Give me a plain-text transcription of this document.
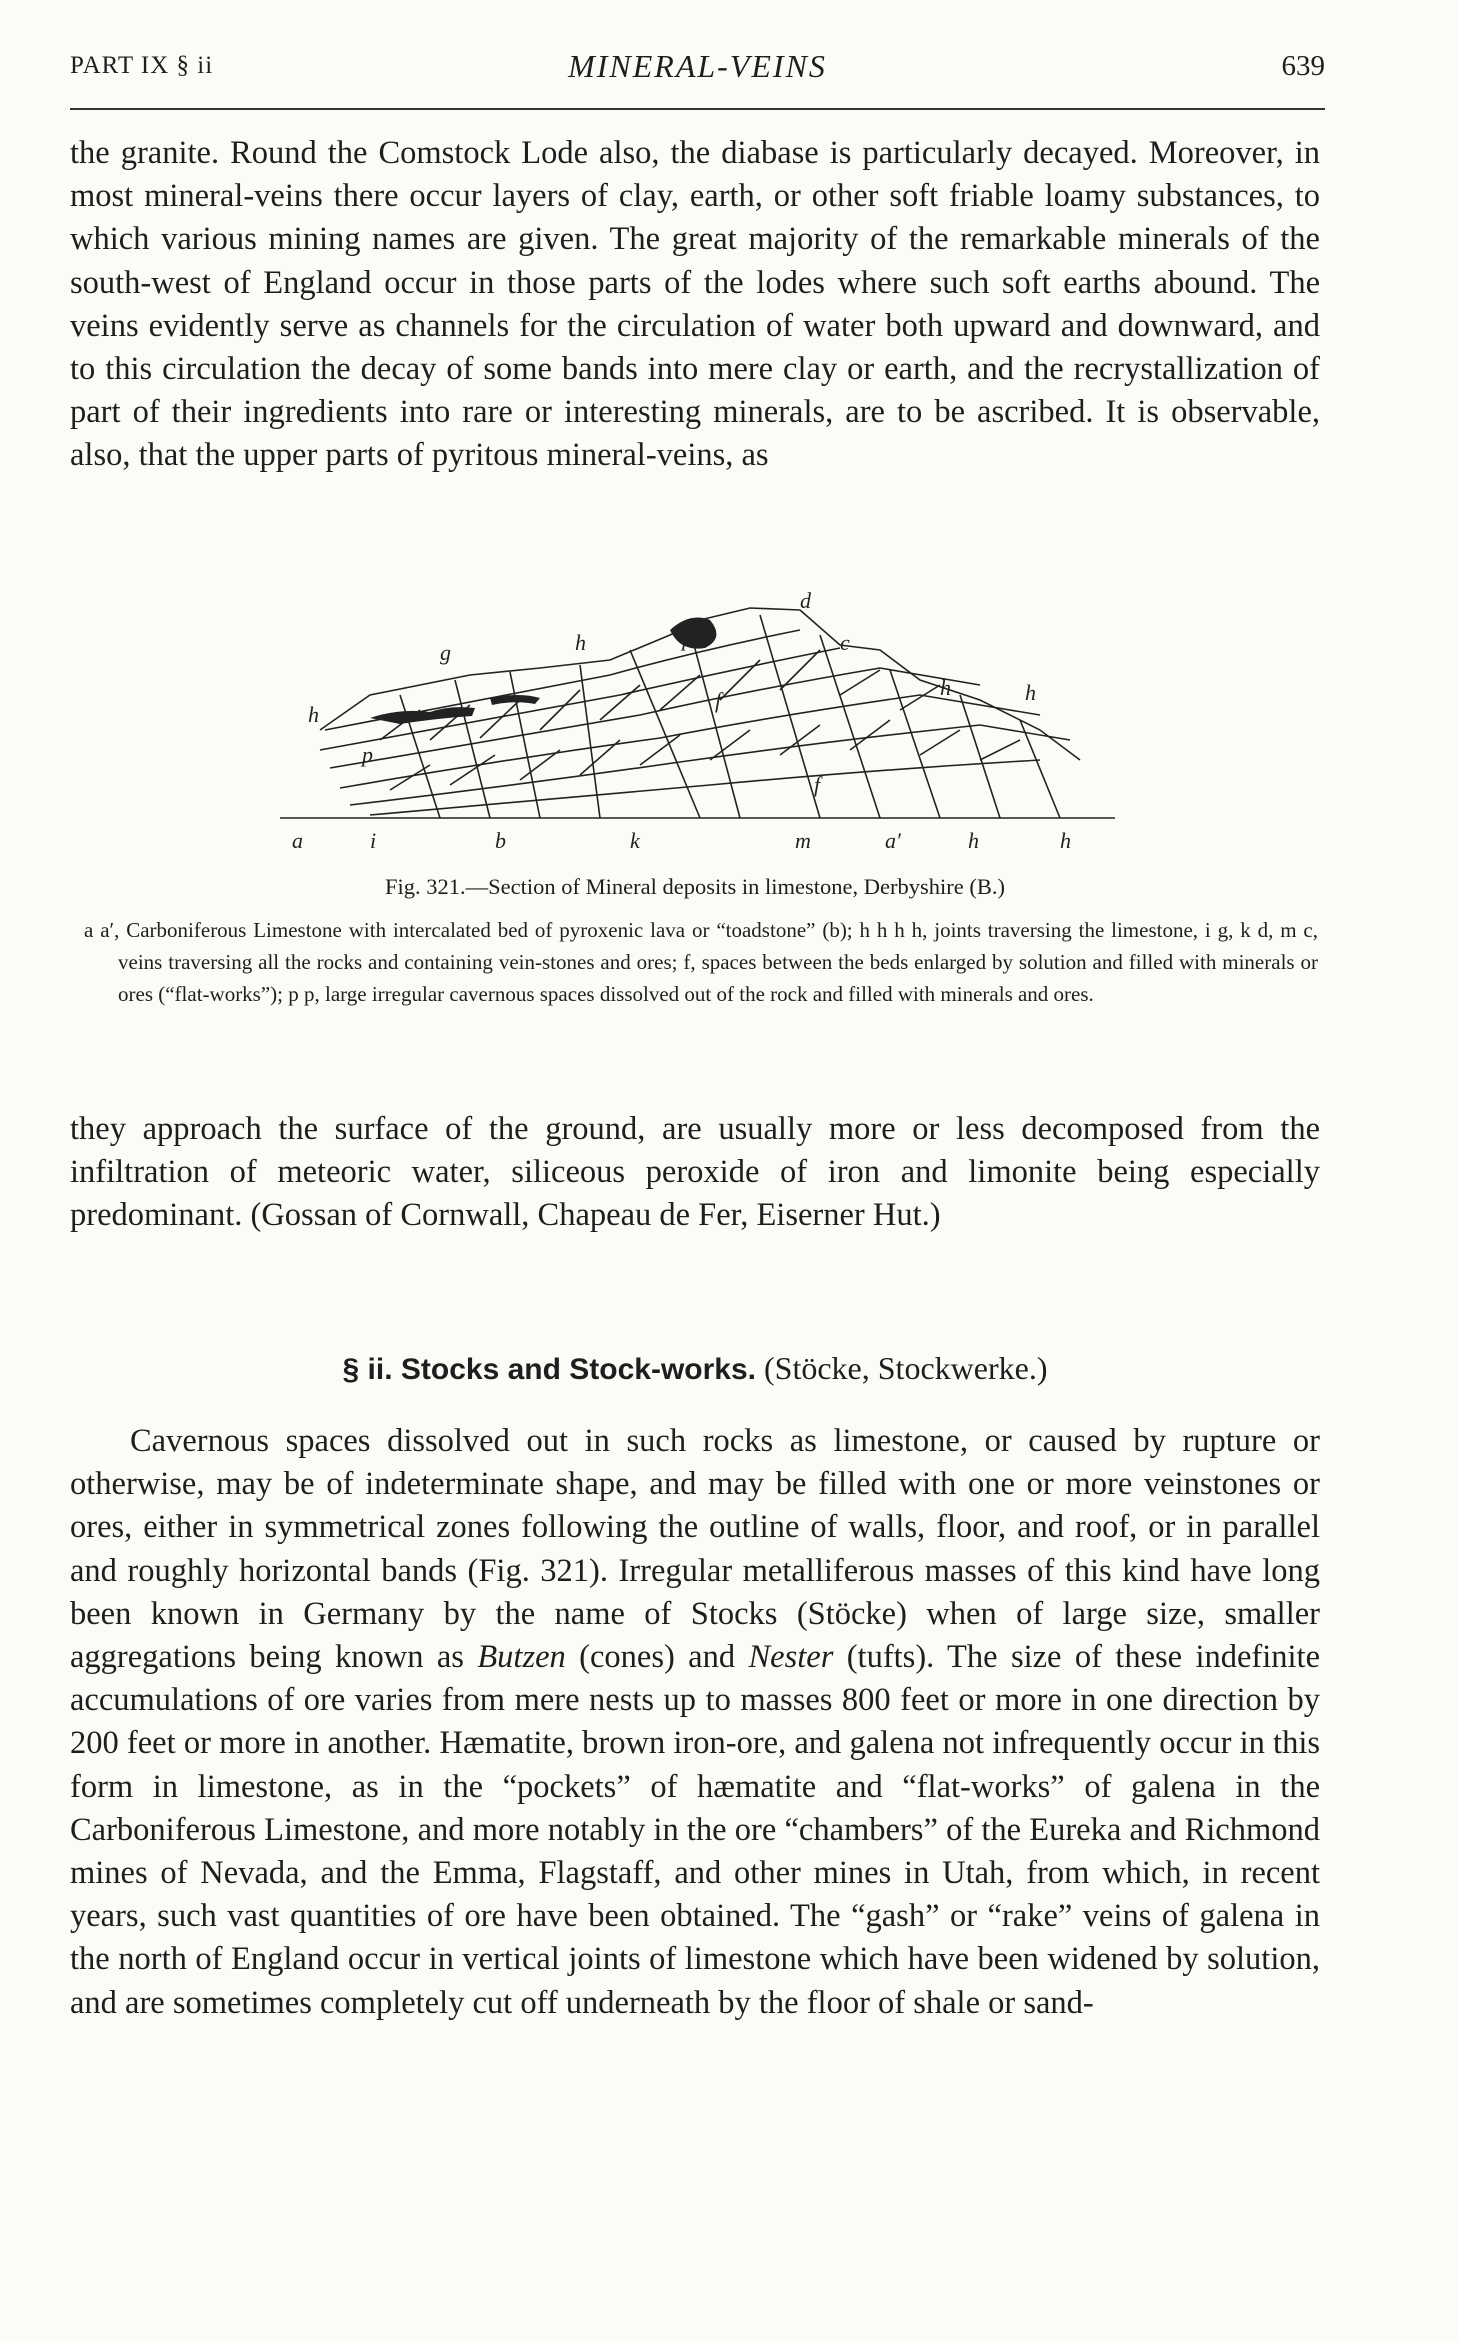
PART IX § ii	MINERAL-VEINS	639

the granite. Round the Comstock Lode also, the diabase is particularly decayed. Moreover, in most mineral-veins there occur layers of clay, earth, or other soft friable loamy substances, to which various mining names are given. The great majority of the remarkable minerals of the south-west of England occur in those parts of the lodes where such soft earths abound. The veins evidently serve as channels for the circulation of water both upward and downward, and to this circulation the decay of some bands into mere clay or earth, and the recrystallization of part of their ingredients into rare or interesting minerals, are to be ascribed. It is observable, also, that the upper parts of pyritous mineral-veins, as

d
g	h	p	c
h
f
h	h
p
f
a	i	b	k	m	a′	h	h
Fig. 321.—Section of Mineral deposits in limestone, Derbyshire (B.)

a a′, Carboniferous Limestone with intercalated bed of pyroxenic lava or “toadstone” (b); h h h h, joints traversing the limestone, i g, k d, m c, veins traversing all the rocks and containing vein-stones and ores; f, spaces between the beds enlarged by solution and filled with minerals or ores (“flat-works”); p p, large irregular cavernous spaces dissolved out of the rock and filled with minerals and ores.

they approach the surface of the ground, are usually more or less decomposed from the infiltration of meteoric water, siliceous peroxide of iron and limonite being especially predominant. (Gossan of Cornwall, Chapeau de Fer, Eiserner Hut.)

§ ii. Stocks and Stock-works. (Stöcke, Stockwerke.)

Cavernous spaces dissolved out in such rocks as limestone, or caused by rupture or otherwise, may be of indeterminate shape, and may be filled with one or more veinstones or ores, either in symmetrical zones following the outline of walls, floor, and roof, or in parallel and roughly horizontal bands (Fig. 321). Irregular metalliferous masses of this kind have long been known in Germany by the name of Stocks (Stöcke) when of large size, smaller aggregations being known as Butzen (cones) and Nester (tufts). The size of these indefinite accumulations of ore varies from mere nests up to masses 800 feet or more in one direction by 200 feet or more in another. Hæmatite, brown iron-ore, and galena not infrequently occur in this form in limestone, as in the “pockets” of hæmatite and “flat-works” of galena in the Carboniferous Limestone, and more notably in the ore “chambers” of the Eureka and Richmond mines of Nevada, and the Emma, Flagstaff, and other mines in Utah, from which, in recent years, such vast quantities of ore have been obtained. The “gash” or “rake” veins of galena in the north of England occur in vertical joints of limestone which have been widened by solution, and are sometimes completely cut off underneath by the floor of shale or sand-
